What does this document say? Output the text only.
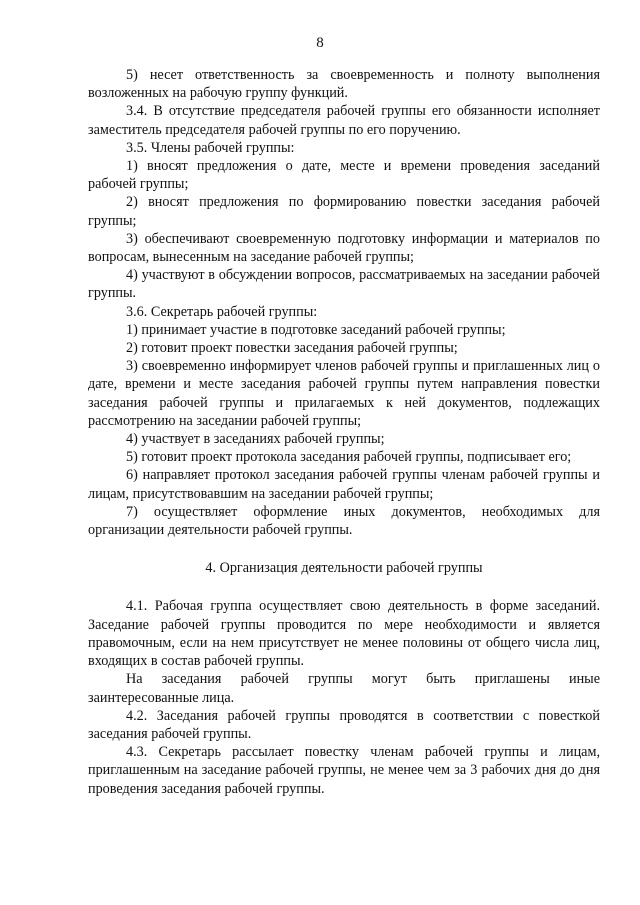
8

5) несет ответственность за своевременность и полноту выполнения возложенных на рабочую группу функций.

3.4. В отсутствие председателя рабочей группы его обязанности исполняет заместитель председателя рабочей группы по его поручению.

3.5. Члены рабочей группы:

1) вносят предложения о дате, месте и времени проведения заседаний рабочей группы;

2) вносят предложения по формированию повестки заседания рабочей группы;

3) обеспечивают своевременную подготовку информации и материалов по вопросам, вынесенным на заседание рабочей группы;

4) участвуют в обсуждении вопросов, рассматриваемых на заседании рабочей группы.

3.6. Секретарь рабочей группы:

1) принимает участие в подготовке заседаний рабочей группы;

2) готовит проект повестки заседания рабочей группы;

3) своевременно информирует членов рабочей группы и приглашенных лиц о дате, времени и месте заседания рабочей группы путем направления повестки заседания рабочей группы и прилагаемых к ней документов, подлежащих рассмотрению на заседании рабочей группы;

4) участвует в заседаниях рабочей группы;

5) готовит проект протокола заседания рабочей группы, подписывает его;

6) направляет протокол заседания рабочей группы членам рабочей группы и лицам, присутствовавшим на заседании рабочей группы;

7) осуществляет оформление иных документов, необходимых для организации деятельности рабочей группы.

4. Организация деятельности рабочей группы

4.1. Рабочая группа осуществляет свою деятельность в форме заседаний. Заседание рабочей группы проводится по мере необходимости и является правомочным, если на нем присутствует не менее половины от общего числа лиц, входящих в состав рабочей группы.

На заседания рабочей группы могут быть приглашены иные заинтересованные лица.

4.2. Заседания рабочей группы проводятся в соответствии с повесткой заседания рабочей группы.

4.3. Секретарь рассылает повестку членам рабочей группы и лицам, приглашенным на заседание рабочей группы, не менее чем за 3 рабочих дня до дня проведения заседания рабочей группы.
